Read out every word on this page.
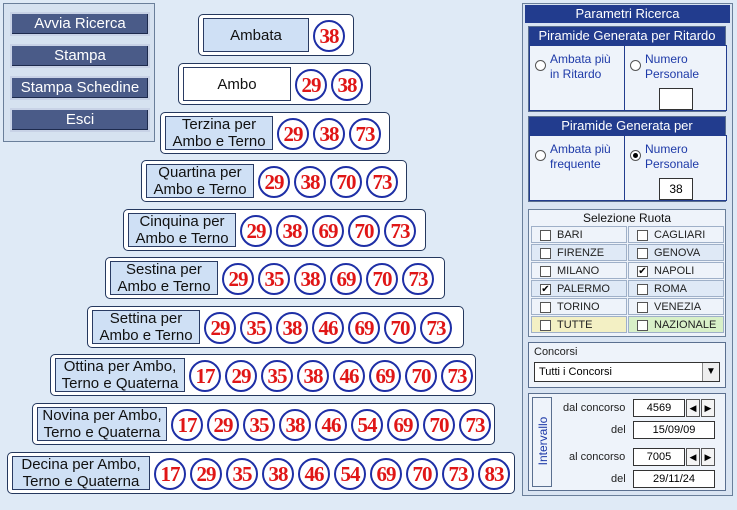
Avvia Ricerca
Stampa
Stampa Schedine
Esci
Ambata	38
Ambo	29 38
Terzina per Ambo e Terno 29 38 73
Quartina per Ambo e Terno 29 38 70 73
Cinquina per Ambo e Terno 29 38 69 70 73
Sestina per Ambo e Terno 29 35 38 69 70 73
Settina per Ambo e Terno 29 35 38 46 69 70 73
Ottina per Ambo, Terno e Quaterna 17 29 35 38 46 69 70 73
Novina per Ambo, Terno e Quaterna 17 29 35 38 46 54 69 70 73
Decina per Ambo, Terno e Quaterna	17 29 35 38 46 54 69 70 73 83
Parametri Ricerca
Piramide Generata per Ritardo
Ambata più in Ritardo
Numero Personale
Piramide Generata per
Ambata più frequente
Numero Personale
38
Selezione Ruota
BARI	CAGLIARI
FIRENZE	GENOVA
MILANO	✔ NAPOLI
✔ PALERMO	ROMA
TORINO	VENEZIA
TUTTE	NAZIONALE
Concorsi
Tutti i Concorsi	▼
Intervallo
dal concorso	4569	◀ ▶
del	15/09/09
al concorso	7005	◀ ▶
del	29/11/24
